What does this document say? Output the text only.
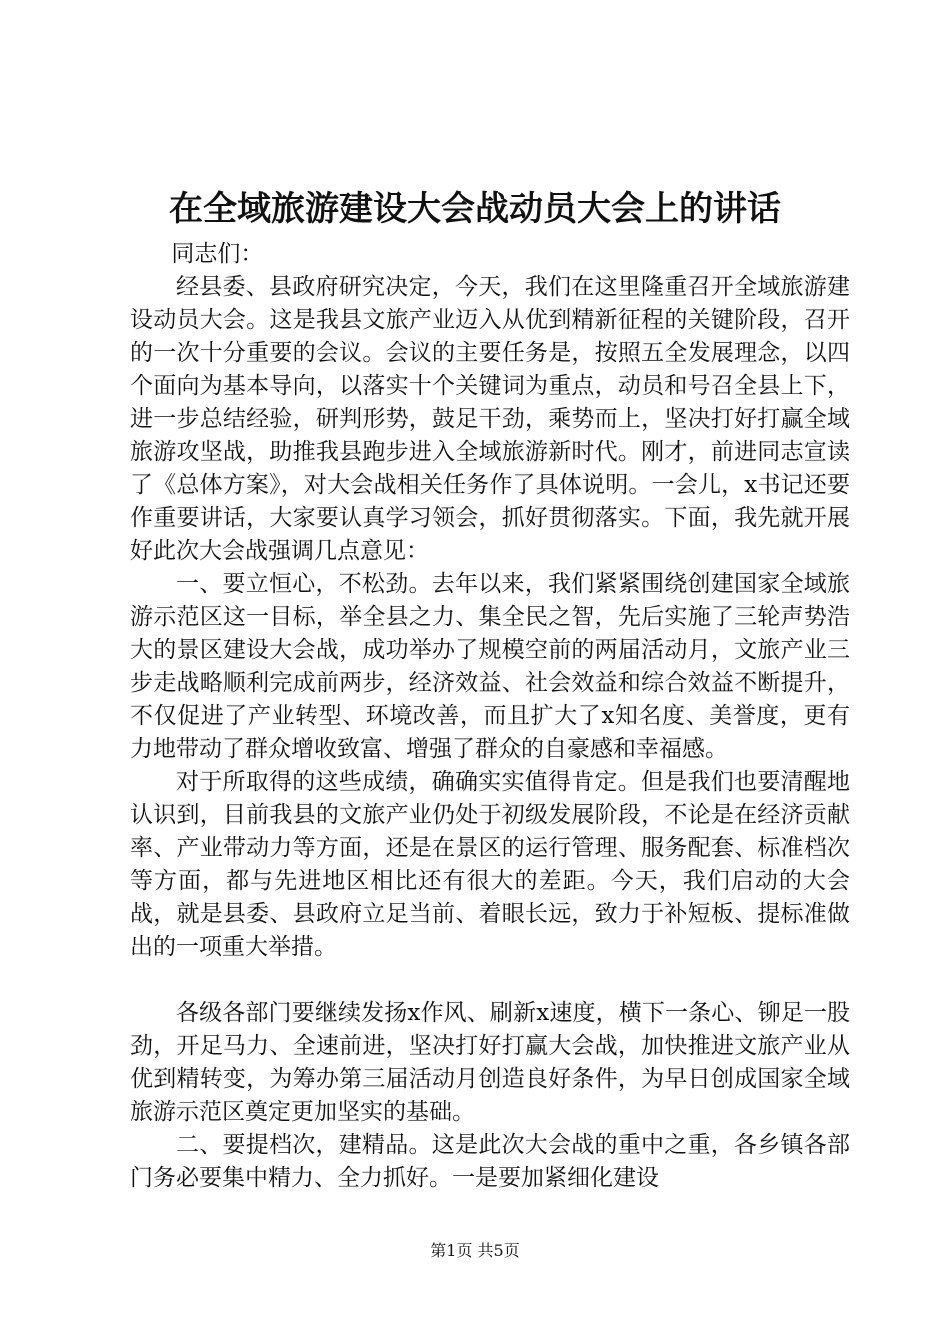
在全域旅游建设大会战动员大会上的讲话

同志们：

经县委、县政府研究决定，今天，我们在这里隆重召开全域旅游建设动员大会。这是我县文旅产业迈入从优到精新征程的关键阶段，召开的一次十分重要的会议。会议的主要任务是，按照五全发展理念，以四个面向为基本导向，以落实十个关键词为重点，动员和号召全县上下，进一步总结经验，研判形势，鼓足干劲，乘势而上，坚决打好打赢全域旅游攻坚战，助推我县跑步进入全域旅游新时代。刚才，前进同志宣读了《总体方案》，对大会战相关任务作了具体说明。一会儿，x书记还要作重要讲话，大家要认真学习领会，抓好贯彻落实。下面，我先就开展好此次大会战强调几点意见：

一、要立恒心，不松劲。去年以来，我们紧紧围绕创建国家全域旅游示范区这一目标，举全县之力、集全民之智，先后实施了三轮声势浩大的景区建设大会战，成功举办了规模空前的两届活动月，文旅产业三步走战略顺利完成前两步，经济效益、社会效益和综合效益不断提升，不仅促进了产业转型、环境改善，而且扩大了x知名度、美誉度，更有力地带动了群众增收致富、增强了群众的自豪感和幸福感。

对于所取得的这些成绩，确确实实值得肯定。但是我们也要清醒地认识到，目前我县的文旅产业仍处于初级发展阶段，不论是在经济贡献率、产业带动力等方面，还是在景区的运行管理、服务配套、标准档次等方面，都与先进地区相比还有很大的差距。今天，我们启动的大会战，就是县委、县政府立足当前、着眼长远，致力于补短板、提标准做出的一项重大举措。

各级各部门要继续发扬x作风、刷新x速度，横下一条心、铆足一股劲，开足马力、全速前进，坚决打好打赢大会战，加快推进文旅产业从优到精转变，为筹办第三届活动月创造良好条件，为早日创成国家全域旅游示范区奠定更加坚实的基础。

二、要提档次，建精品。这是此次大会战的重中之重，各乡镇各部门务必要集中精力、全力抓好。一是要加紧细化建设

第1页 共5页
